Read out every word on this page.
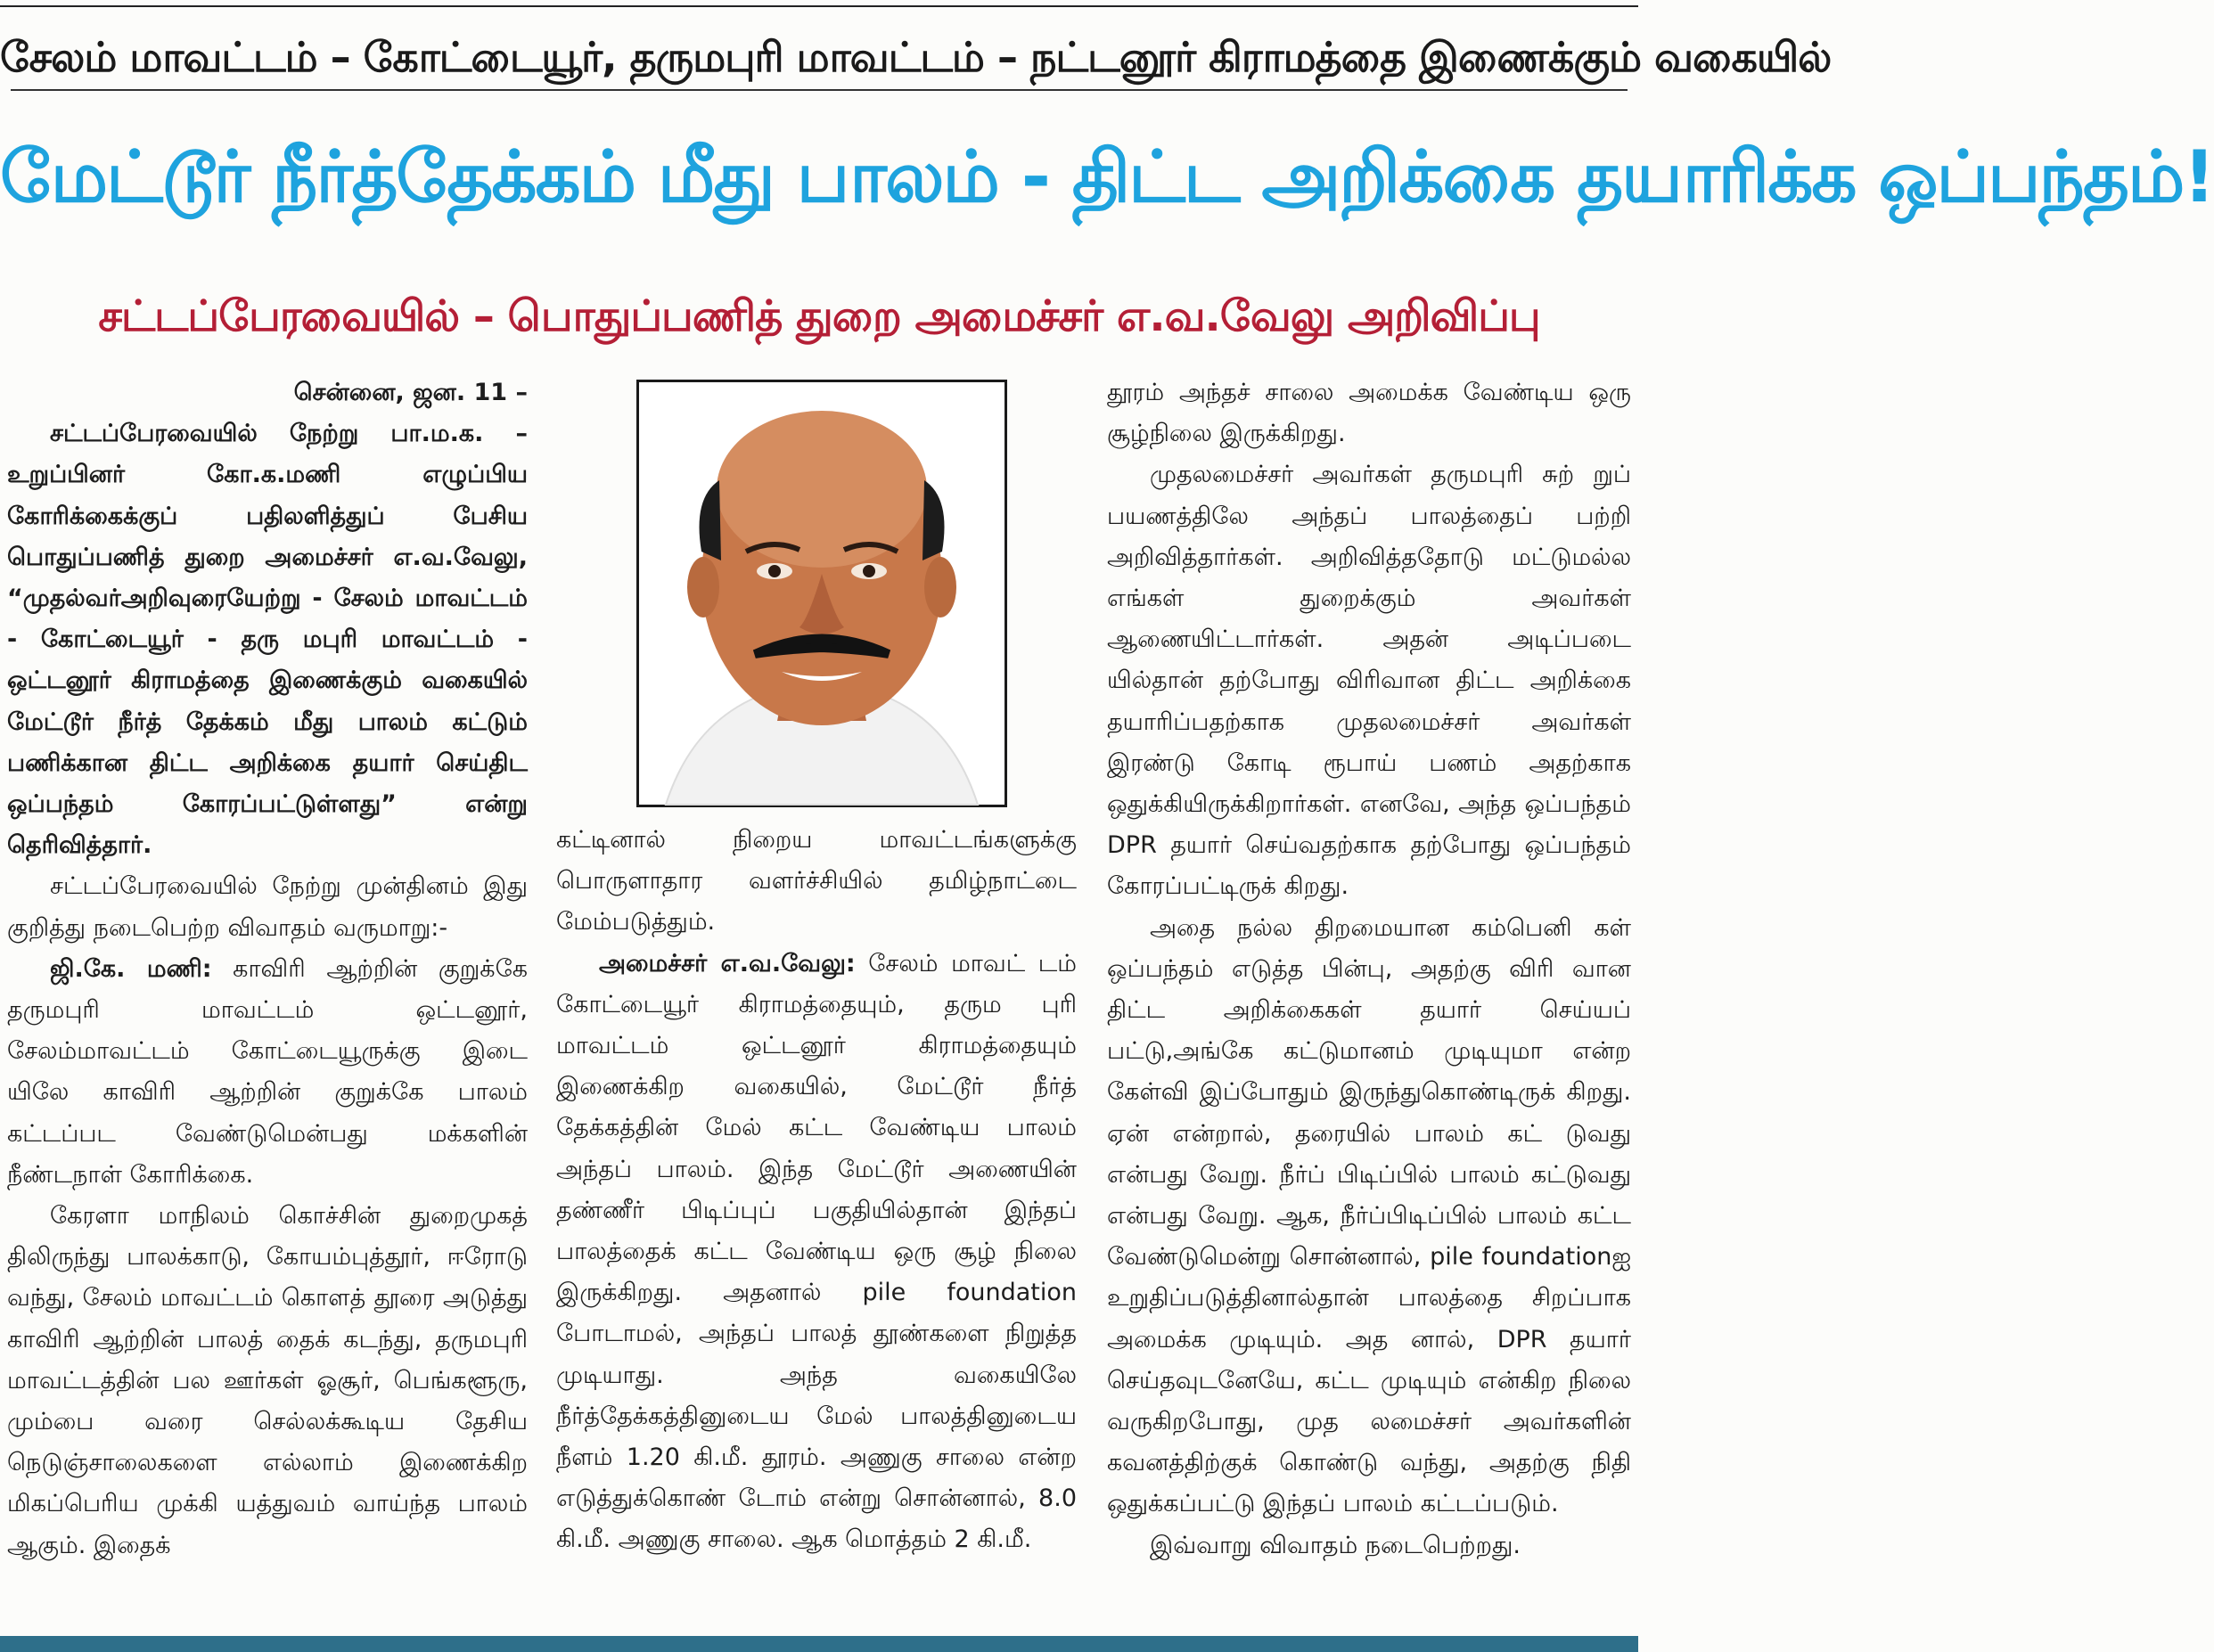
சேலம் மாவட்டம் – கோட்டையூர், தருமபுரி மாவட்டம் – நட்டனூர் கிராமத்தை இணைக்கும் வகையில்
மேட்டூர் நீர்த்தேக்கம் மீது பாலம் - திட்ட அறிக்கை தயாரிக்க ஒப்பந்தம்!
சட்டப்பேரவையில் – பொதுப்பணித் துறை அமைச்சர் எ.வ.வேலு அறிவிப்பு

சென்னை, ஜன. 11 –

சட்டப்பேரவையில் நேற்று பா.ம.க. – உறுப்பினர் கோ.க.மணி எழுப்பிய கோரிக்கைக்குப் பதிலளித்துப் பேசிய பொதுப்பணித் துறை அமைச்சர் எ.வ.வேலு, “முதல்வர்அறிவுரையேற்று - சேலம் மாவட்டம் - கோட்டையூர் - தரு மபுரி மாவட்டம் - ஒட்டனூர் கிராமத்தை இணைக்கும் வகையில் மேட்டூர் நீர்த் தேக்கம் மீது பாலம் கட்டும் பணிக்கான திட்ட அறிக்கை தயார் செய்திட ஒப்பந்தம் கோரப்பட்டுள்ளது” என்று தெரிவித்தார்.

சட்டப்பேரவையில் நேற்று முன்தினம் இது குறித்து நடைபெற்ற விவாதம் வருமாறு:-

ஜி.கே. மணி: காவிரி ஆற்றின் குறுக்கே தருமபுரி மாவட்டம் ஒட்டனூர், சேலம்மாவட்டம் கோட்டையூருக்கு இடை யிலே காவிரி ஆற்றின் குறுக்கே பாலம் கட்டப்பட வேண்டுமென்பது மக்களின் நீண்டநாள் கோரிக்கை.

கேரளா மாநிலம் கொச்சின் துறைமுகத் திலிருந்து பாலக்காடு, கோயம்புத்தூர், ஈரோடு வந்து, சேலம் மாவட்டம் கொளத் தூரை அடுத்து காவிரி ஆற்றின் பாலத் தைக் கடந்து, தருமபுரி மாவட்டத்தின் பல ஊர்கள் ஓசூர், பெங்களூரு, மும்பை வரை செல்லக்கூடிய தேசிய நெடுஞ்சாலைகளை எல்லாம் இணைக்கிற மிகப்பெரிய முக்கி யத்துவம் வாய்ந்த பாலம் ஆகும். இதைக்

கட்டினால் நிறைய மாவட்டங்களுக்கு பொருளாதார வளர்ச்சியில் தமிழ்நாட்டை மேம்படுத்தும்.

அமைச்சர் எ.வ.வேலு: சேலம் மாவட் டம் கோட்டையூர் கிராமத்தையும், தரும புரி மாவட்டம் ஒட்டனூர் கிராமத்தையும் இணைக்கிற வகையில், மேட்டூர் நீர்த் தேக்கத்தின் மேல் கட்ட வேண்டிய பாலம் அந்தப் பாலம். இந்த மேட்டூர் அணையின் தண்ணீர் பிடிப்புப் பகுதியில்தான் இந்தப் பாலத்தைக் கட்ட வேண்டிய ஒரு சூழ் நிலை இருக்கிறது. அதனால் pile foundation போடாமல், அந்தப் பாலத் தூண்களை நிறுத்த முடியாது. அந்த வகையிலே நீர்த்தேக்கத்தினுடைய மேல் பாலத்தினுடைய நீளம் 1.20 கி.மீ. தூரம். அணுகு சாலை என்ற எடுத்துக்கொண் டோம் என்று சொன்னால், 8.0 கி.மீ. அணுகு சாலை. ஆக மொத்தம் 2 கி.மீ.

தூரம் அந்தச் சாலை அமைக்க வேண்டிய ஒரு சூழ்நிலை இருக்கிறது.

முதலமைச்சர் அவர்கள் தருமபுரி சுற் றுப் பயணத்திலே அந்தப் பாலத்தைப் பற்றி அறிவித்தார்கள். அறிவித்ததோடு மட்டுமல்ல எங்கள் துறைக்கும் அவர்கள் ஆணையிட்டார்கள். அதன் அடிப்படை யில்தான் தற்போது விரிவான திட்ட அறிக்கை தயாரிப்பதற்காக முதலமைச்சர் அவர்கள் இரண்டு கோடி ரூபாய் பணம் அதற்காக ஒதுக்கியிருக்கிறார்கள். எனவே, அந்த ஒப்பந்தம் DPR தயார் செய்வதற்காக தற்போது ஒப்பந்தம் கோரப்பட்டிருக் கிறது.

அதை நல்ல திறமையான கம்பெனி கள் ஒப்பந்தம் எடுத்த பின்பு, அதற்கு விரி வான திட்ட அறிக்கைகள் தயார் செய்யப் பட்டு,அங்கே கட்டுமானம் முடியுமா என்ற கேள்வி இப்போதும் இருந்துகொண்டிருக் கிறது. ஏன் என்றால், தரையில் பாலம் கட் டுவது என்பது வேறு. நீர்ப் பிடிப்பில் பாலம் கட்டுவது என்பது வேறு. ஆக, நீர்ப்பிடிப்பில் பாலம் கட்ட வேண்டுமென்று சொன்னால், pile foundationஐ உறுதிப்படுத்தினால்தான் பாலத்தை சிறப்பாக அமைக்க முடியும். அத னால், DPR தயார் செய்தவுடனேயே, கட்ட முடியும் என்கிற நிலை வருகிறபோது, முத லமைச்சர் அவர்களின் கவனத்திற்குக் கொண்டு வந்து, அதற்கு நிதி ஒதுக்கப்பட்டு இந்தப் பாலம் கட்டப்படும்.

இவ்வாறு விவாதம் நடைபெற்றது.
